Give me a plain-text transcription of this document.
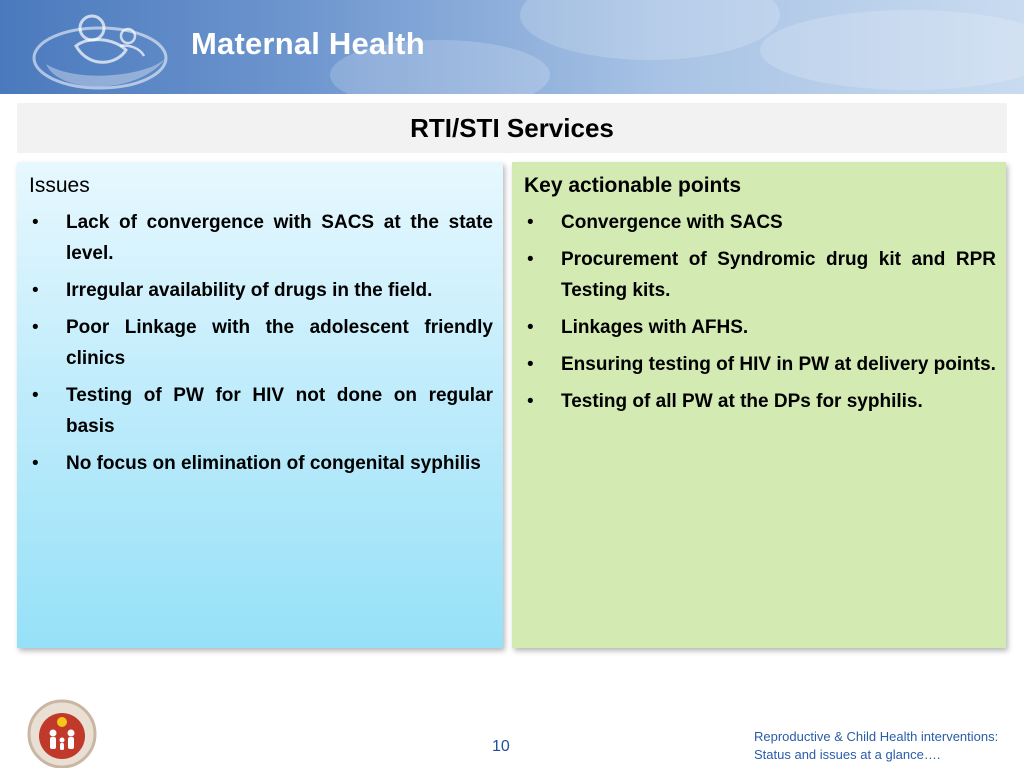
Maternal Health
RTI/STI Services
Issues
• Lack of convergence with SACS at the state level.
• Irregular availability of drugs in the field.
• Poor Linkage with the adolescent friendly clinics
• Testing of PW for HIV not done on regular basis
• No focus on elimination of congenital syphilis
Key actionable points
• Convergence with SACS
• Procurement of Syndromic drug kit and RPR Testing kits.
• Linkages with AFHS.
• Ensuring testing of HIV in PW at delivery points.
• Testing of all PW at the DPs for syphilis.
10
Reproductive & Child Health interventions:
Status and issues at a glance….
